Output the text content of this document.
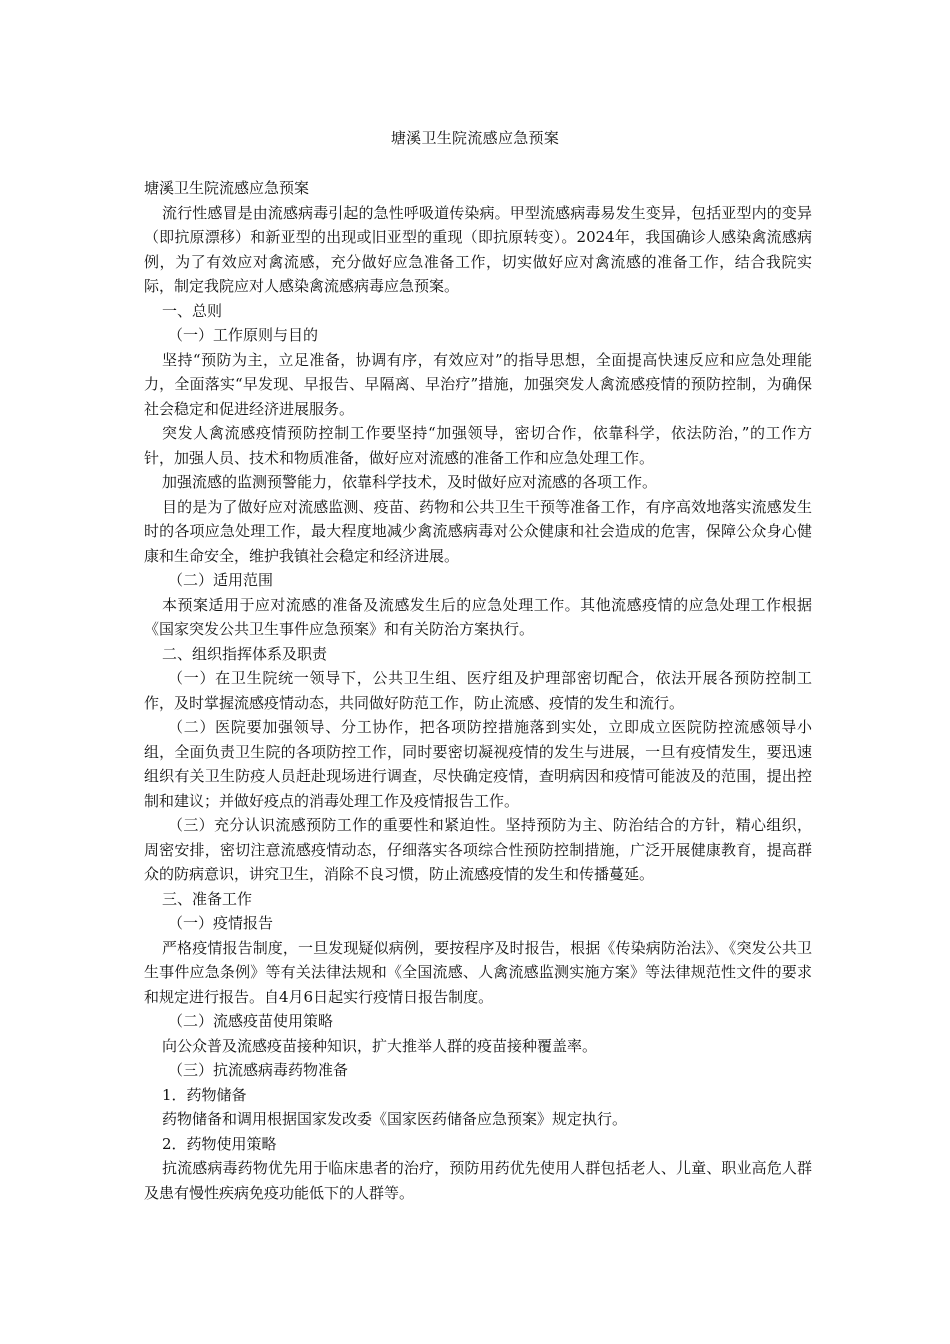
塘溪卫生院流感应急预案

塘溪卫生院流感应急预案

流行性感冒是由流感病毒引起的急性呼吸道传染病。甲型流感病毒易发生变异，包括亚型内的变异（即抗原漂移）和新亚型的出现或旧亚型的重现（即抗原转变）。2024年，我国确诊人感染禽流感病例，为了有效应对禽流感，充分做好应急准备工作，切实做好应对禽流感的准备工作，结合我院实际，制定我院应对人感染禽流感病毒应急预案。

一、总则

（一）工作原则与目的

坚持“预防为主，立足准备，协调有序，有效应对”的指导思想，全面提高快速反应和应急处理能力，全面落实“早发现、早报告、早隔离、早治疗”措施，加强突发人禽流感疫情的预防控制，为确保社会稳定和促进经济进展服务。

突发人禽流感疫情预防控制工作要坚持“加强领导，密切合作，依靠科学，依法防治，”的工作方针，加强人员、技术和物质准备，做好应对流感的准备工作和应急处理工作。

加强流感的监测预警能力，依靠科学技术，及时做好应对流感的各项工作。

目的是为了做好应对流感监测、疫苗、药物和公共卫生干预等准备工作，有序高效地落实流感发生时的各项应急处理工作，最大程度地减少禽流感病毒对公众健康和社会造成的危害，保障公众身心健康和生命安全，维护我镇社会稳定和经济进展。

（二）适用范围

本预案适用于应对流感的准备及流感发生后的应急处理工作。其他流感疫情的应急处理工作根据《国家突发公共卫生事件应急预案》和有关防治方案执行。

二、组织指挥体系及职责

（一）在卫生院统一领导下，公共卫生组、医疗组及护理部密切配合，依法开展各预防控制工作，及时掌握流感疫情动态，共同做好防范工作，防止流感、疫情的发生和流行。

（二）医院要加强领导、分工协作，把各项防控措施落到实处，立即成立医院防控流感领导小组，全面负责卫生院的各项防控工作，同时要密切凝视疫情的发生与进展，一旦有疫情发生，要迅速组织有关卫生防疫人员赶赴现场进行调查，尽快确定疫情，查明病因和疫情可能波及的范围，提出控制和建议；并做好疫点的消毒处理工作及疫情报告工作。

（三）充分认识流感预防工作的重要性和紧迫性。坚持预防为主、防治结合的方针，精心组织，周密安排，密切注意流感疫情动态，仔细落实各项综合性预防控制措施，广泛开展健康教育，提高群众的防病意识，讲究卫生，消除不良习惯，防止流感疫情的发生和传播蔓延。

三、准备工作

（一）疫情报告

严格疫情报告制度，一旦发现疑似病例，要按程序及时报告，根据《传染病防治法》、《突发公共卫生事件应急条例》等有关法律法规和《全国流感、人禽流感监测实施方案》等法律规范性文件的要求和规定进行报告。自4月6日起实行疫情日报告制度。

（二）流感疫苗使用策略

向公众普及流感疫苗接种知识，扩大推举人群的疫苗接种覆盖率。

（三）抗流感病毒药物准备

1．药物储备

药物储备和调用根据国家发改委《国家医药储备应急预案》规定执行。

2．药物使用策略

抗流感病毒药物优先用于临床患者的治疗，预防用药优先使用人群包括老人、儿童、职业高危人群及患有慢性疾病免疫功能低下的人群等。
